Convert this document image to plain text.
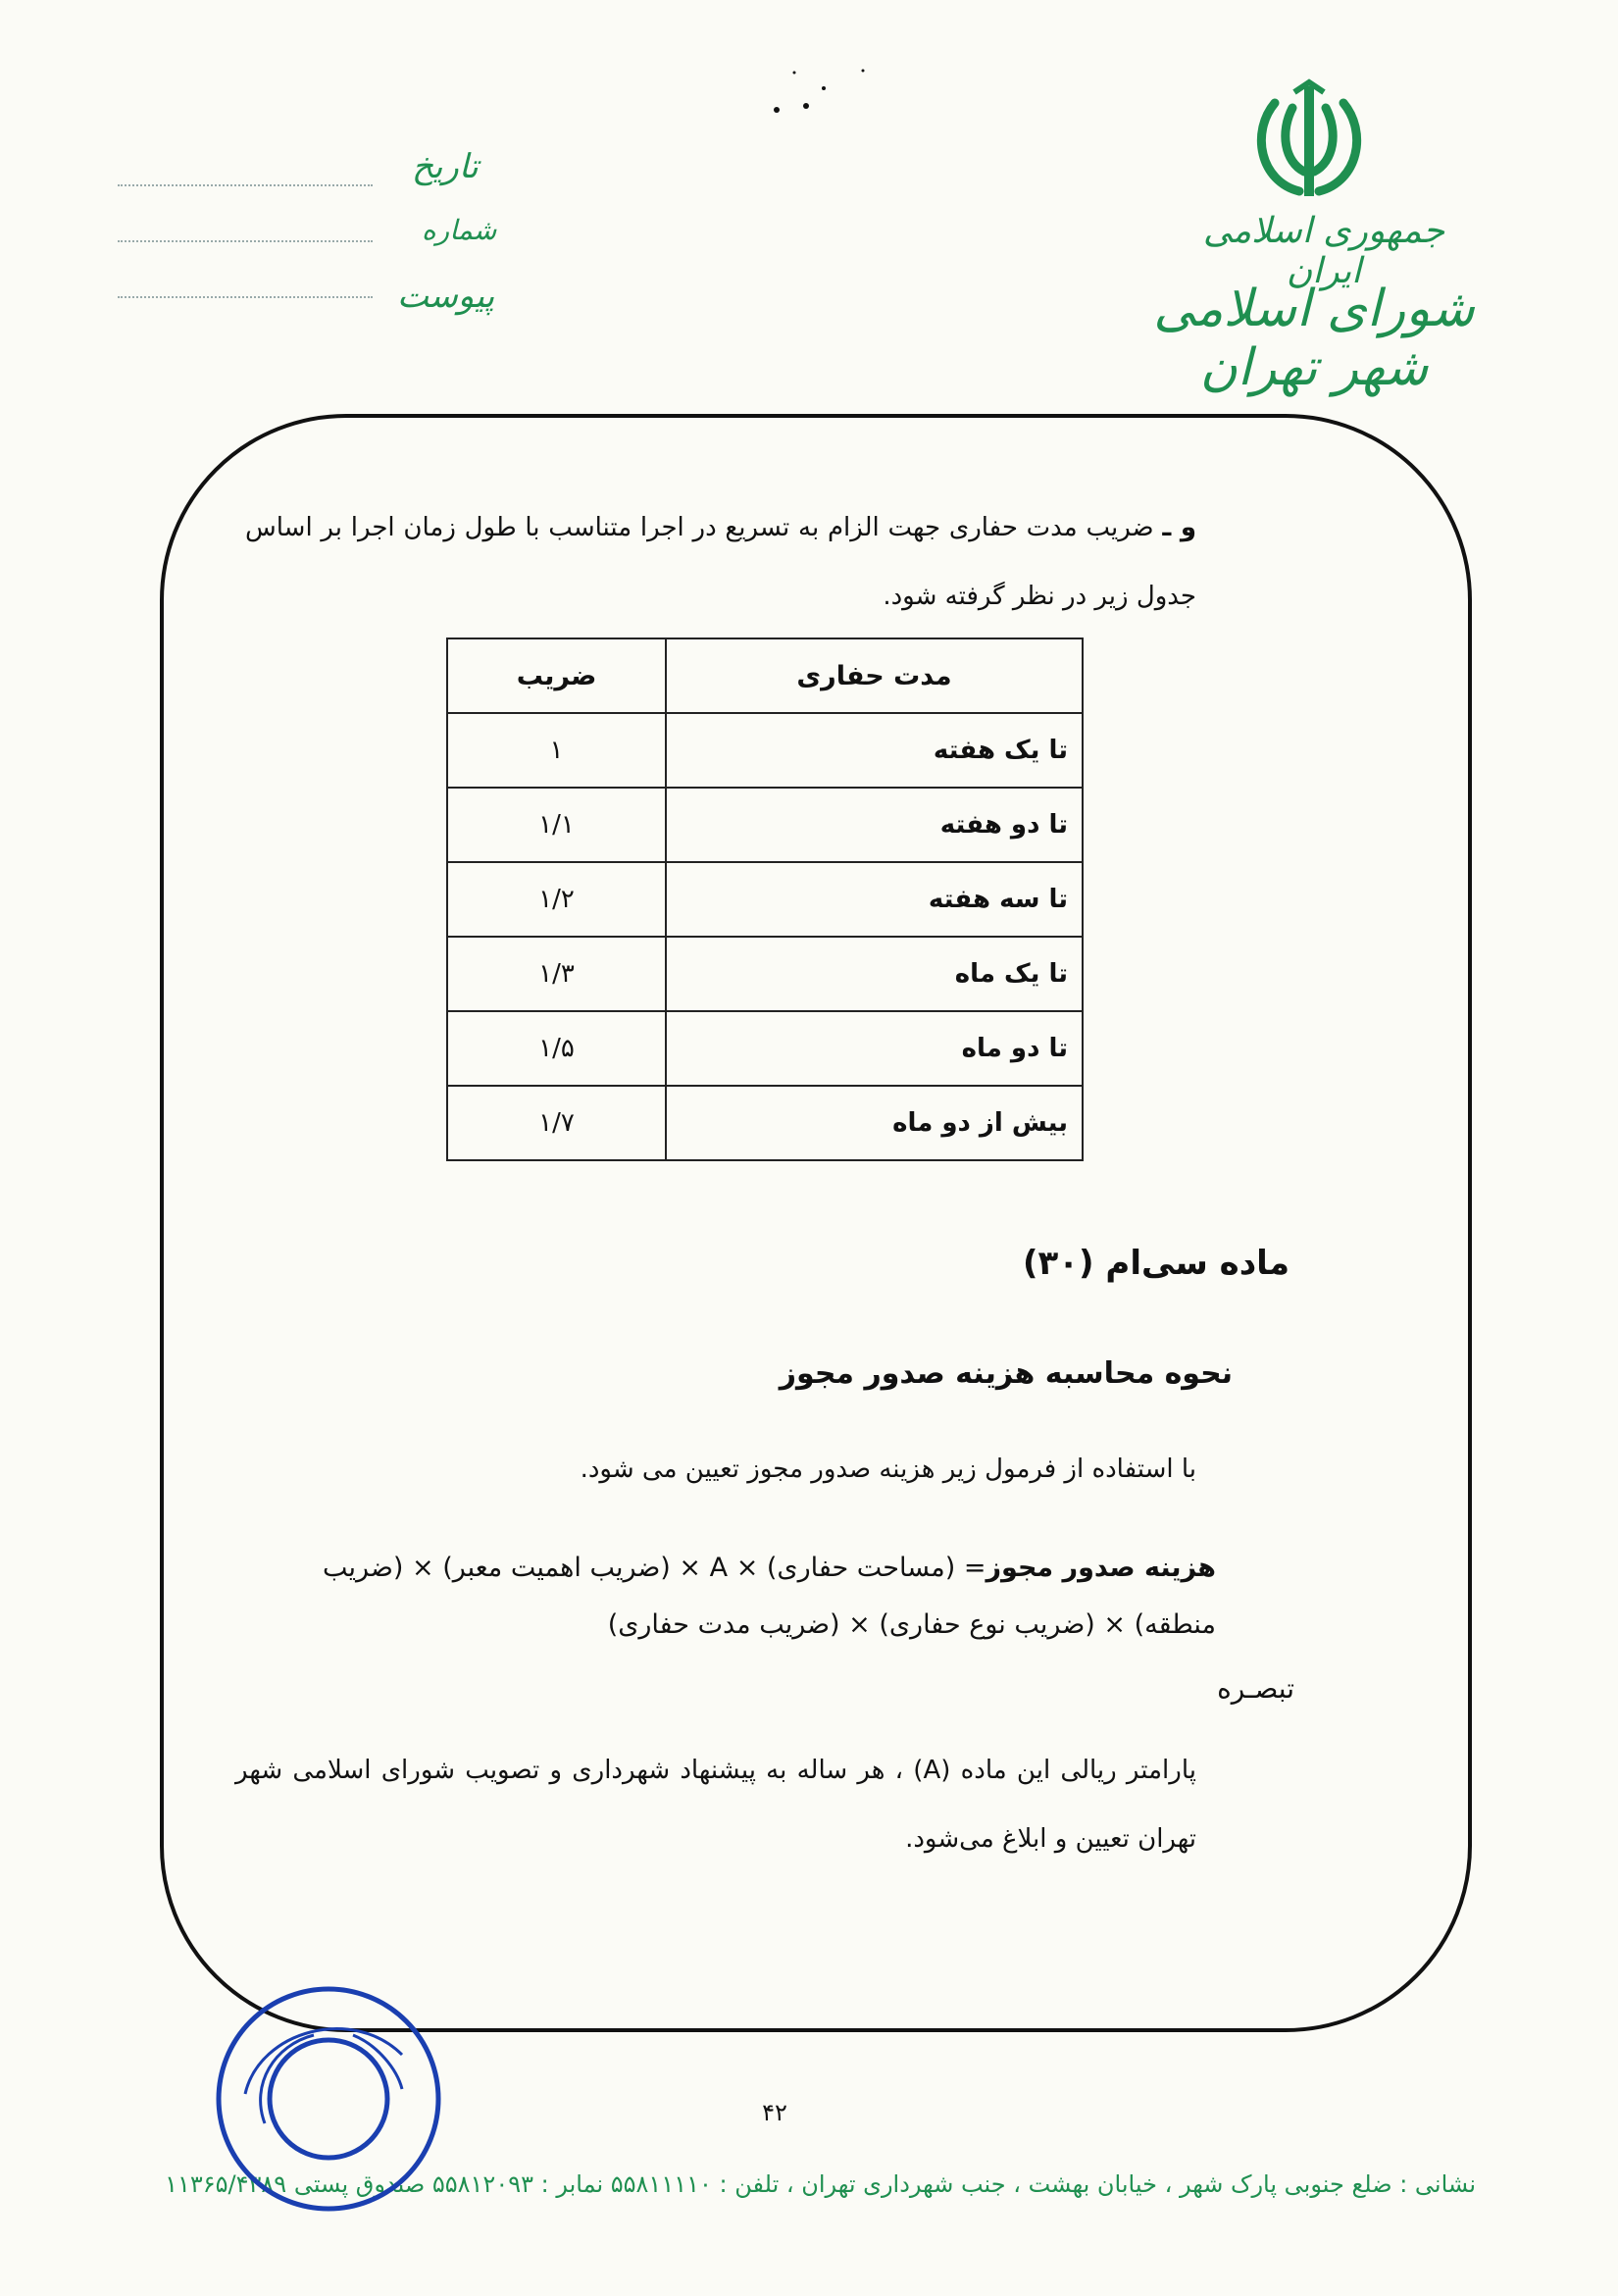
جمهوری اسلامی ایران
شورای اسلامی شهر تهران
تاریخ
شماره
پیوست
و ـ ضریب مدت حفاری جهت الزام به تسریع در اجرا متناسب با طول زمان اجرا بر اساس جدول زیر در نظر گرفته شود.
مدت حفاری	ضریب
تا یک هفته	۱
تا دو هفته	۱/۱
تا سه هفته	۱/۲
تا یک ماه	۱/۳
تا دو ماه	۱/۵
بیش از دو ماه	۱/۷
ماده سی‌ام (۳۰)
نحوه محاسبه هزینه صدور مجوز
با استفاده از فرمول زیر هزینه صدور مجوز تعیین می شود.
هزینه صدور مجوز= (مساحت حفاری) × A × (ضریب اهمیت معبر) × (ضریب منطقه) × (ضریب نوع حفاری) × (ضریب مدت حفاری)
تبصـره
پارامتر ریالی این ماده (A) ، هر ساله به پیشنهاد شهرداری و تصویب شورای اسلامی شهر تهران تعیین و ابلاغ می‌شود.
۴۲
نشانی : ضلع جنوبی پارک شهر ، خیابان بهشت ، جنب شهرداری تهران ، تلفن : ۵۵۸۱۱۱۱۰ نمابر : ۵۵۸۱۲۰۹۳ صندوق پستی ۱۱۳۶۵/۴۳۸۹
